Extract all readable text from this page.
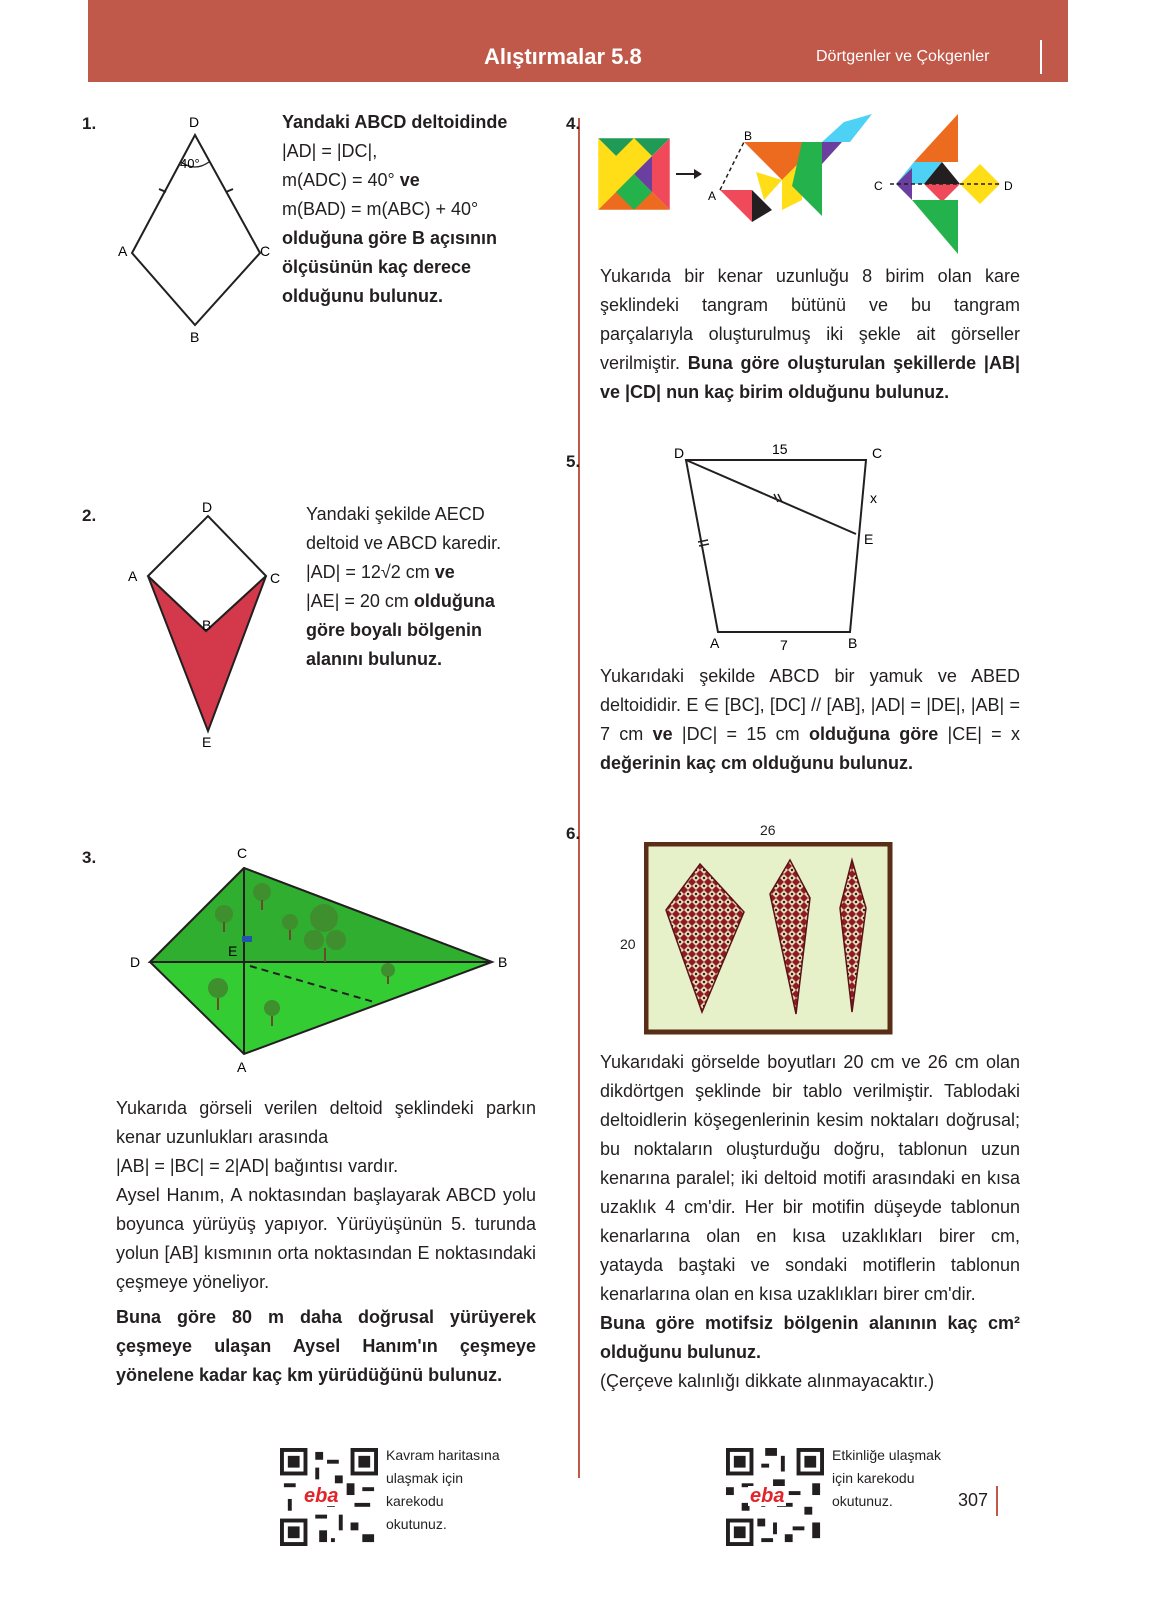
Alıştırmalar 5.8	Dörtgenler ve Çokgenler
1.	D
40°
A	C
B

Yandaki ABCD deltoidinde

|AD| = |DC|,

m(ADC) = 40° ve

m(BAD) = m(ABC) + 40°

olduğuna göre B açısının

ölçüsünün kaç derece

olduğunu bulunuz.

2.	D
A	C
B
E

Yandaki şekilde AECD

deltoid ve ABCD karedir.

|AD| = 12√2 cm ve

|AE| = 20 cm olduğuna

göre boyalı bölgenin

alanını bulunuz.

3.	C
D
E
B
A

Yukarıda görseli verilen deltoid şeklindeki parkın kenar uzunlukları arasında

|AB| = |BC| = 2|AD| bağıntısı vardır.

Aysel Hanım, A noktasından başlayarak ABCD yolu boyunca yürüyüş yapıyor. Yürüyüşünün 5. turunda yolun [AB] kısmının orta noktasından E noktasındaki çeşmeye yöneliyor.

Buna göre 80 m daha doğrusal yürüyerek çeşmeye ulaşan Aysel Hanım'ın çeşmeye yönelene kadar kaç km yürüdüğünü bulunuz.

4.
A
B
C	D

Yukarıda bir kenar uzunluğu 8 birim olan kare şeklindeki tangram bütünü ve bu tangram parçalarıyla oluşturulmuş iki şekle ait görseller verilmiştir. Buna göre oluşturulan şekillerde |AB| ve |CD| nun kaç birim olduğunu bulunuz.

5.	D	15	C
x
E
A	7	B

Yukarıdaki şekilde ABCD bir yamuk ve ABED deltoididir. E ∈ [BC], [DC] // [AB], |AD| = |DE|, |AB| = 7 cm ve |DC| = 15 cm olduğuna göre |CE| = x değerinin kaç cm olduğunu bulunuz.

6.	26
20

Yukarıdaki görselde boyutları 20 cm ve 26 cm olan dikdörtgen şeklinde bir tablo verilmiştir. Tablodaki deltoidlerin köşegenlerinin kesim noktaları doğrusal; bu noktaların oluşturduğu doğru, tablonun uzun kenarına paralel; iki deltoid motifi arasındaki en kısa uzaklık 4 cm'dir. Her bir motifin düşeyde tablonun kenarlarına olan en kısa uzaklıkları birer cm, yatayda baştaki ve sondaki motiflerin tablonun kenarlarına olan en kısa uzaklıkları birer cm'dir.

Buna göre motifsiz bölgenin alanının kaç cm² olduğunu bulunuz.

(Çerçeve kalınlığı dikkate alınmayacaktır.)

eba
Kavram haritasına
ulaşmak için
karekodu
okutunuz.
eba
Etkinliğe ulaşmak
için karekodu
okutunuz.	307
